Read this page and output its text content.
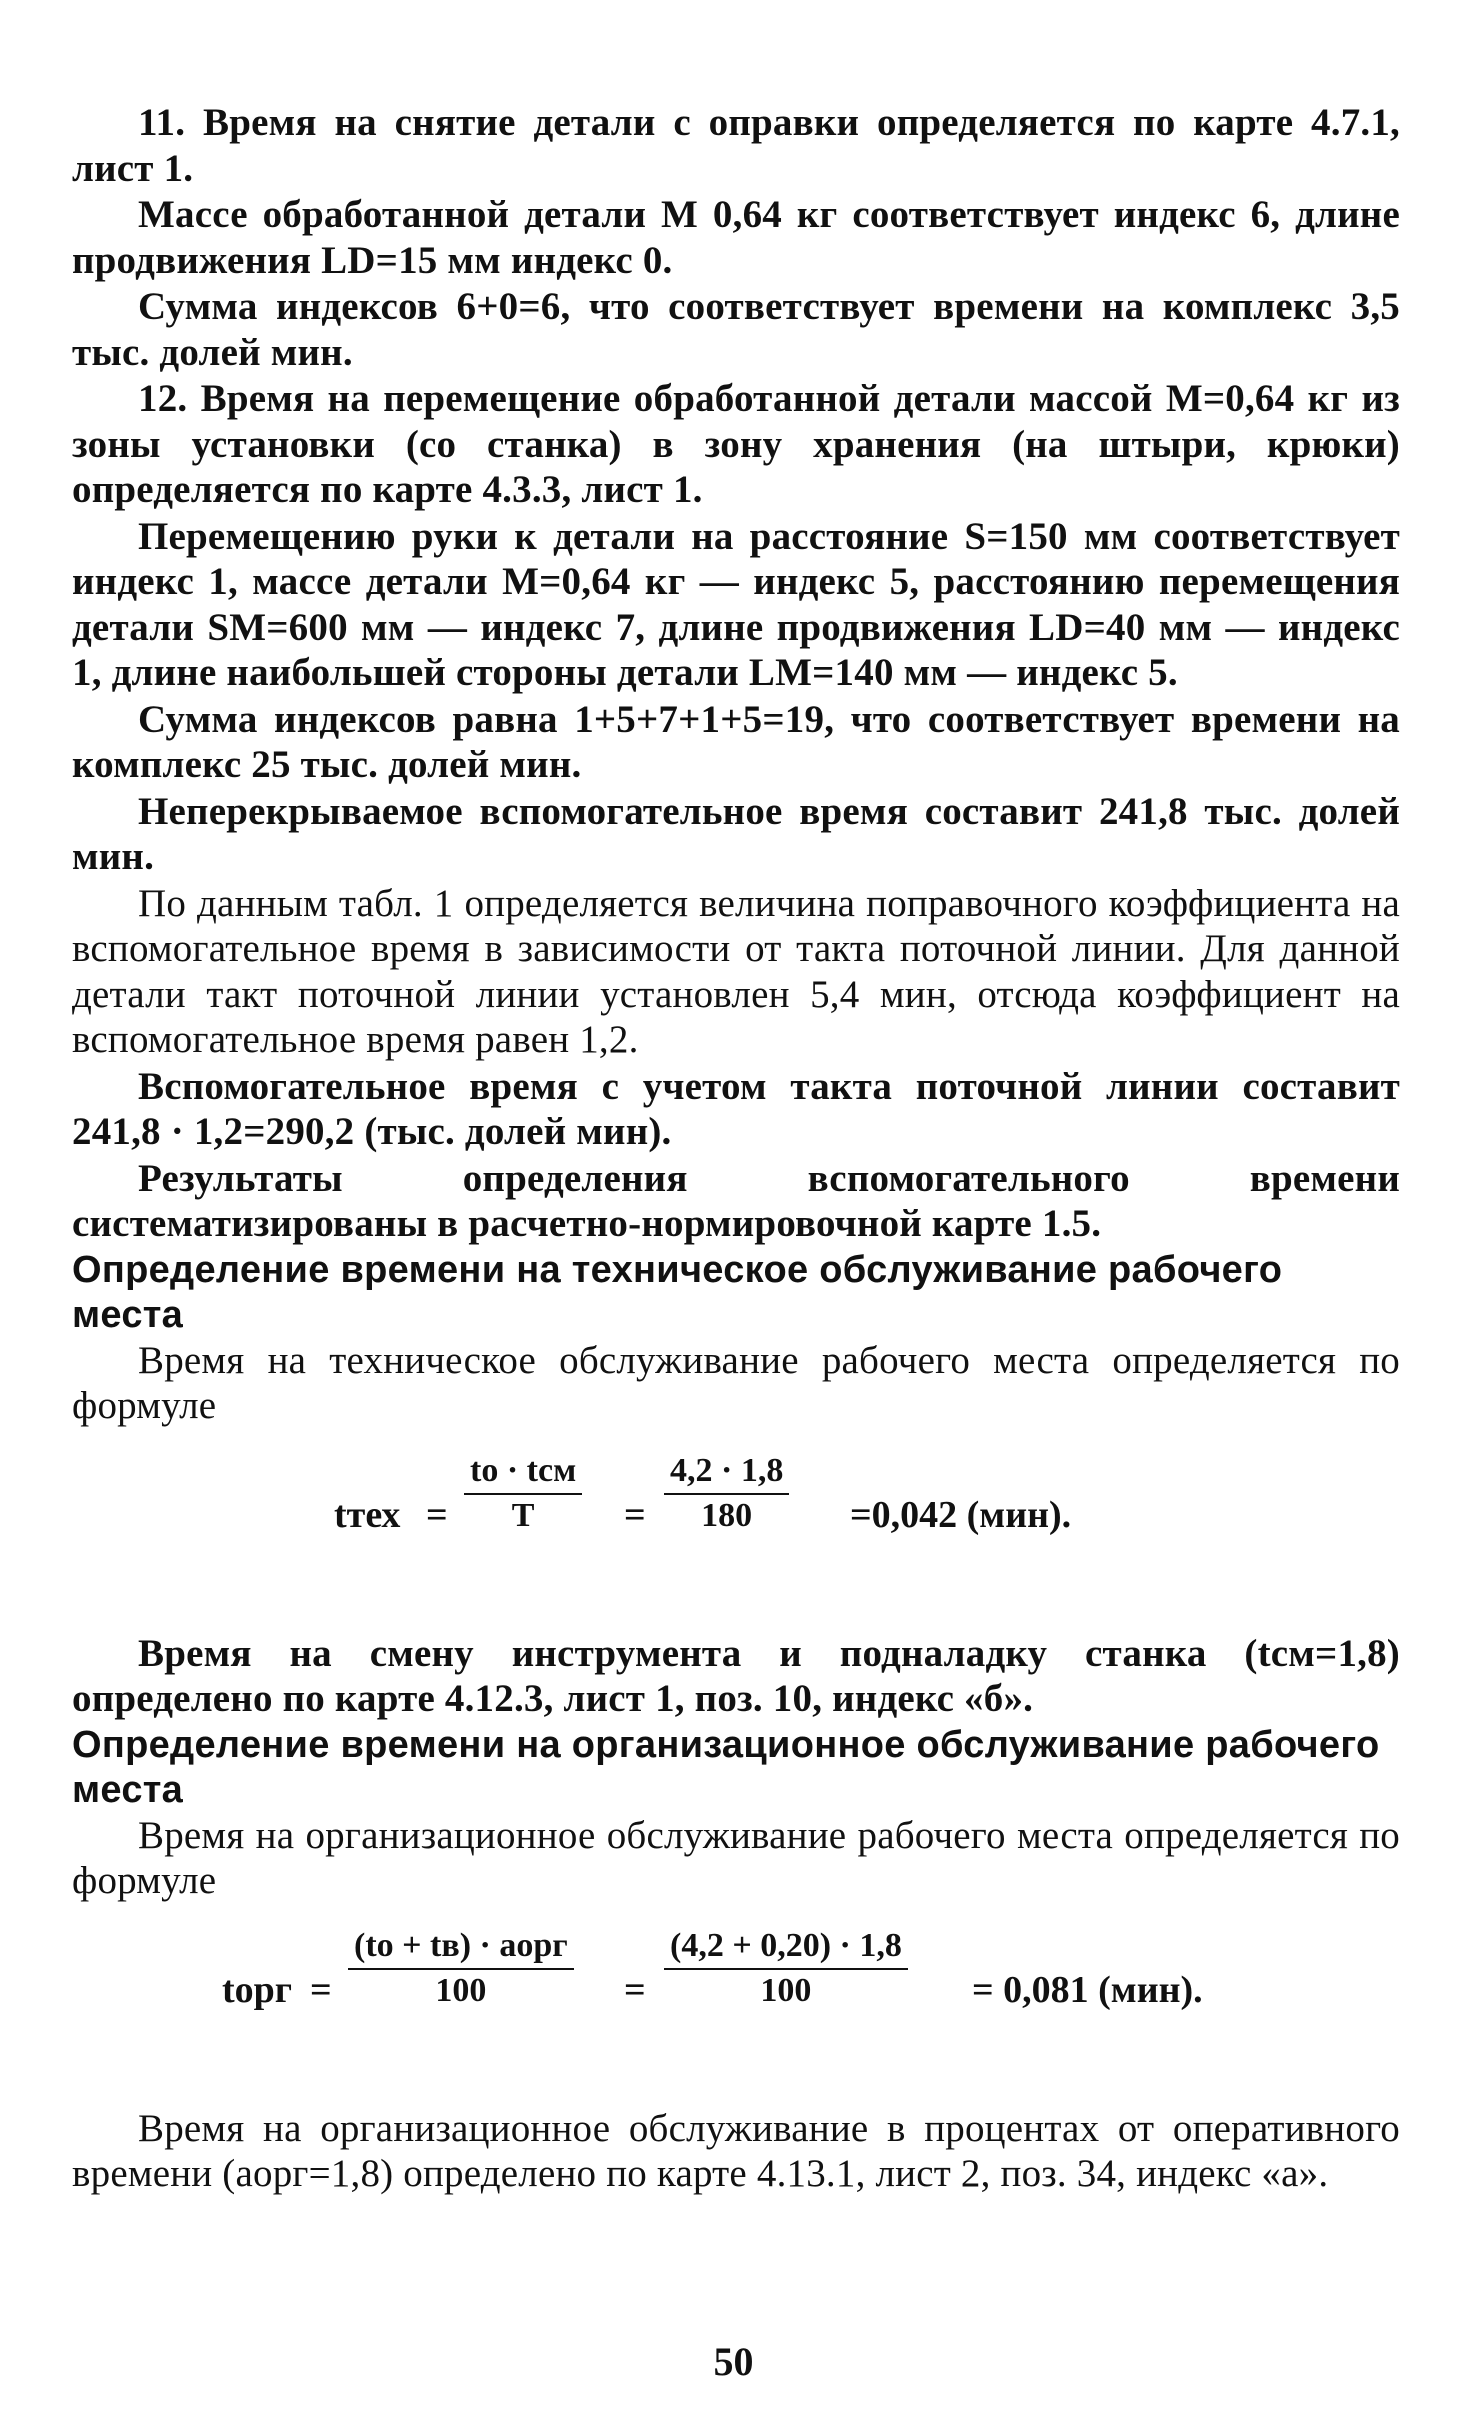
11. Время на снятие детали с оправки определяется по карте 4.7.1, лист 1.

Массе обработанной детали М 0,64 кг соответствует индекс 6, длине продвижения LD=15 мм индекс 0.

Сумма индексов 6+0=6, что соответствует времени на комплекс 3,5 тыс. долей мин.

12. Время на перемещение обработанной детали массой М=0,64 кг из зоны установки (со станка) в зону хранения (на штыри, крюки) определяется по карте 4.3.3, лист 1.

Перемещению руки к детали на расстояние S=150 мм соответствует индекс 1, массе детали М=0,64 кг — индекс 5, расстоянию перемещения детали SМ=600 мм — индекс 7, длине продвижения LD=40 мм — индекс 1, длине наибольшей стороны детали LМ=140 мм — индекс 5.

Сумма индексов равна 1+5+7+1+5=19, что соответствует времени на комплекс 25 тыс. долей мин.

Неперекрываемое вспомогательное время составит 241,8 тыс. долей мин.

По данным табл. 1 определяется величина поправочного коэффициента на вспомогательное время в зависимости от такта поточной линии. Для данной детали такт поточной линии установлен 5,4 мин, отсюда коэффициент на вспомогательное время равен 1,2.

Вспомогательное время с учетом такта поточной линии составит 241,8 · 1,2=290,2 (тыс. долей мин).

Результаты определения вспомогательного времени систематизированы в расчетно-нормировочной карте 1.5.

Определение времени на техническое обслуживание рабочего места

Время на техническое обслуживание рабочего места определяется по формуле

tтех =
tо · tсм
T	= $\frac{4,2 \cdot 1,8}{180} =0,042$ (мин).

Время на смену инструмента и подналадку станка (tсм=1,8) определено по карте 4.12.3, лист 1, поз. 10, индекс «б».

Определение времени на организационное обслуживание рабочего места

Время на организационное обслуживание рабочего места определяется по формуле

tорг =
(tо + tв) · aорг
100	= $\frac{(4,2 + 0,20) \cdot 1,8}{100} = 0,081$ (мин).

Время на организационное обслуживание в процентах от оперативного времени (aорг=1,8) определено по карте 4.13.1, лист 2, поз. 34, индекс «а».

50
